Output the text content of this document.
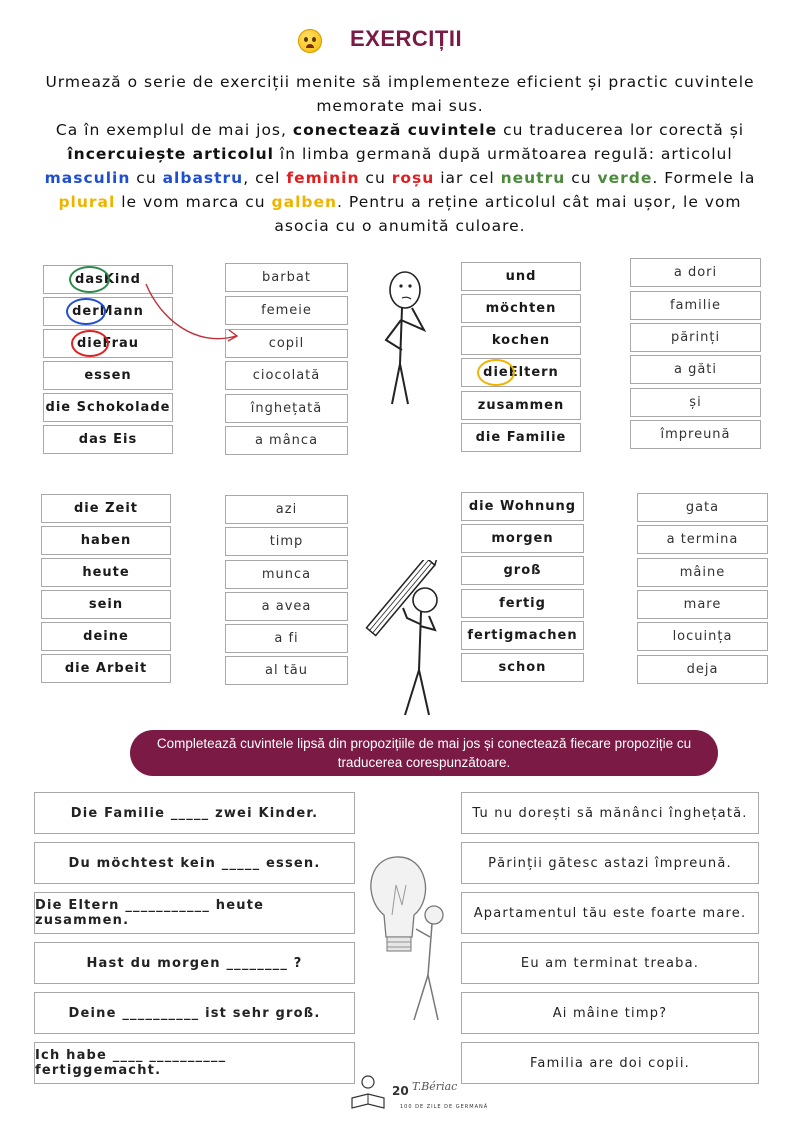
EXERCIȚII
Urmează o serie de exerciții menite să implementeze eficient și practic cuvintele memorate mai sus.
Ca în exemplul de mai jos, conectează cuvintele cu traducerea lor corectă și încercuiește articolul în limba germană după următoarea regulă: articolul masculin cu albastru, cel feminin cu roșu iar cel neutru cu verde. Formele la plural le vom marca cu galben. Pentru a reține articolul cât mai ușor, le vom asocia cu o anumită culoare.
das Kind
der Mann
die Frau
essen
die Schokolade
das Eis
barbat
femeie
copil
ciocolată
înghețată
a mânca
und
möchten
kochen
die Eltern
zusammen
die Familie
a dori
familie
părinți
a găti
și
împreună
die Zeit
haben
heute
sein
deine
die Arbeit
azi
timp
munca
a avea
a fi
al tău
die Wohnung
morgen
groß
fertig
fertigmachen
schon
gata
a termina
mâine
mare
locuința
deja
Completează cuvintele lipsă din propozițiile de mai jos și conectează fiecare propoziție cu traducerea corespunzătoare.
Die Familie _____ zwei Kinder.
Du möchtest kein _____ essen.
Die Eltern ___________ heute zusammen.
Hast du morgen ________ ?
Deine __________ ist sehr groß.
Ich habe ____ __________ fertiggemacht.
Tu nu dorești să mănânci înghețată.
Părinții gătesc astazi împreună.
Apartamentul tău este foarte mare.
Eu am terminat treaba.
Ai mâine timp?
Familia are doi copii.
20 T.Bériac
100 DE ZILE DE GERMANĂ
